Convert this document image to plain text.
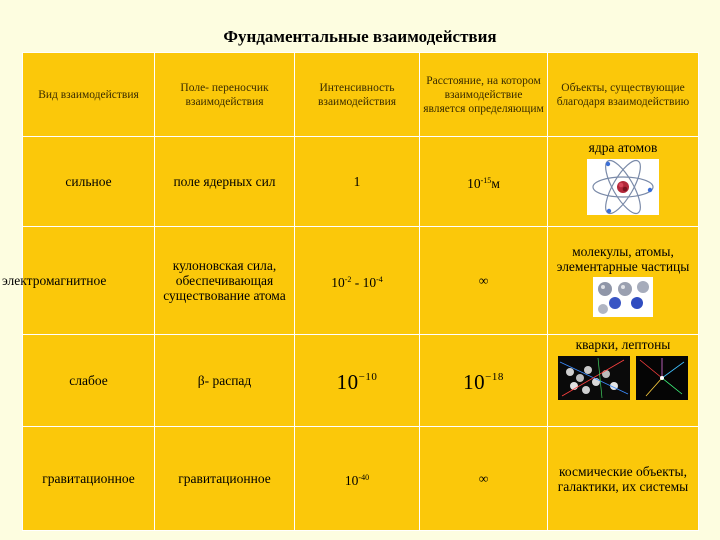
Фундаментальные взаимодействия
Вид взаимодействия	Поле- переносчик взаимодействия	Интенсивность взаимодействия	Расстояние, на котором взаимодействие является определяющим	Объекты, существующие благодаря взаимодействию
сильное	поле ядерных сил	1	$10^{-15}м$	ядра атомов

электромагнитное	кулоновская сила, обеспечивающая существование атома	$10^{-2} - 10^{-4}$	∞	молекулы, атомы, элементарные частицы

слабое	β- распад	$10^{-10}$	$10^{-18}$	кварки, лептоны

гравитационное	гравитационное	$10^{-40}$	∞	космические объекты, галактики, их системы
